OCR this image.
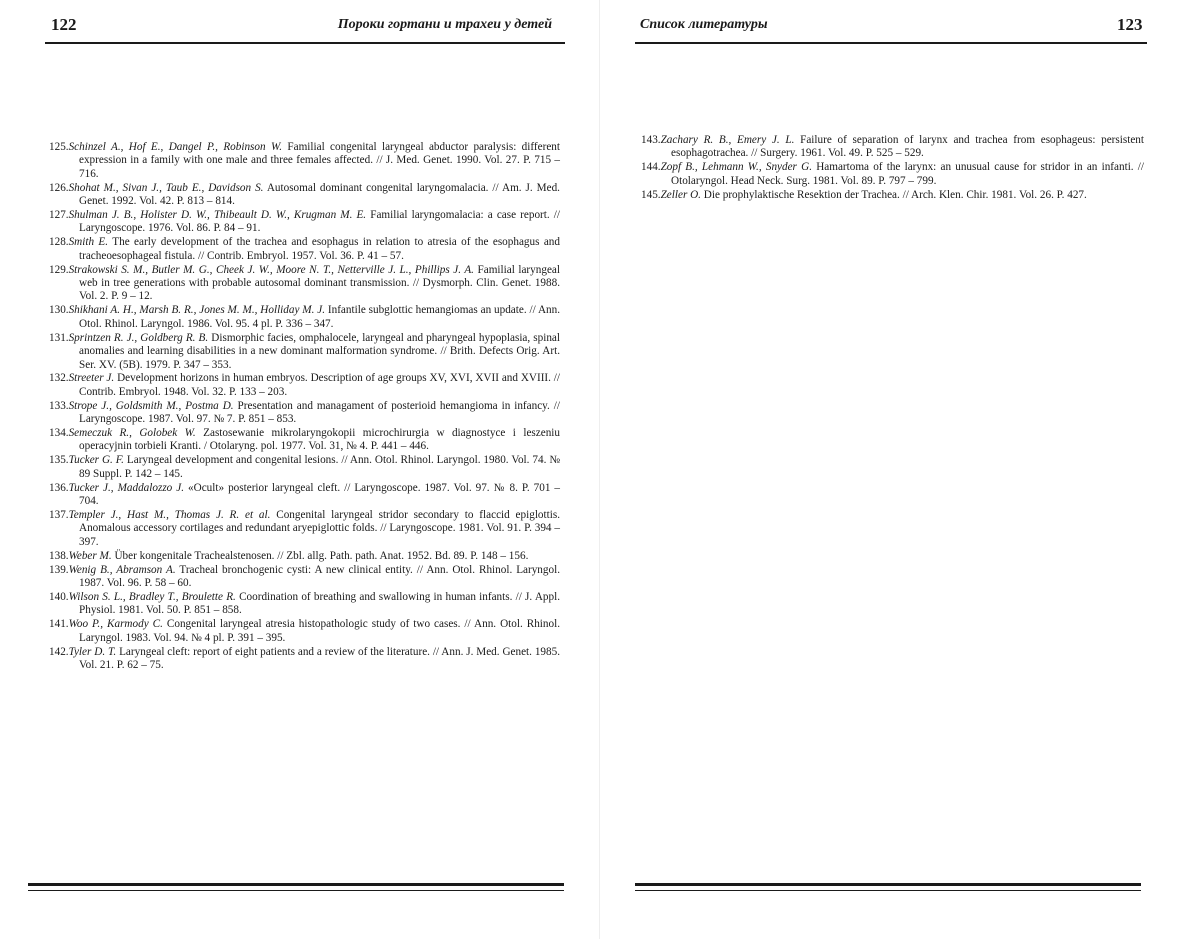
122	Пороки гортани и трахеи у детей
125.Schinzel A., Hof E., Dangel P., Robinson W. Familial congenital laryngeal abductor paralysis: different expression in a family with one male and three females affected. // J. Med. Genet. 1990. Vol. 27. P. 715 – 716.
126.Shohat M., Sivan J., Taub E., Davidson S. Autosomal dominant congenital laryngomalacia. // Am. J. Med. Genet. 1992. Vol. 42. P. 813 – 814.
127.Shulman J. B., Holister D. W., Thibeault D. W., Krugman M. E. Familial laryngomalacia: a case report. // Laryngoscope. 1976. Vol. 86. P. 84 – 91.
128.Smith E. The early development of the trachea and esophagus in relation to atresia of the esophagus and tracheoesophageal fistula. // Contrib. Embryol. 1957. Vol. 36. P. 41 – 57.
129.Strakowski S. M., Butler M. G., Cheek J. W., Moore N. T., Netterville J. L., Phillips J. A. Familial laryngeal web in tree generations with probable autosomal dominant transmission. // Dysmorph. Clin. Genet. 1988. Vol. 2. P. 9 – 12.
130.Shikhani A. H., Marsh B. R., Jones M. M., Holliday M. J. Infantile subglottic hemangiomas an update. // Ann. Otol. Rhinol. Laryngol. 1986. Vol. 95. 4 pl. P. 336 – 347.
131.Sprintzen R. J., Goldberg R. B. Dismorphic facies, omphalocele, laryngeal and pharyngeal hypoplasia, spinal anomalies and learning disabilities in a new dominant malformation syndrome. // Brith. Defects Orig. Art. Ser. XV. (5B). 1979. P. 347 – 353.
132.Streeter J. Development horizons in human embryos. Description of age groups XV, XVI, XVII and XVIII. // Contrib. Embryol. 1948. Vol. 32. P. 133 – 203.
133.Strope J., Goldsmith M., Postma D. Presentation and managament of posterioid hemangioma in infancy. // Laryngoscope. 1987. Vol. 97. № 7. P. 851 – 853.
134.Semeczuk R., Golobek W. Zastosewanie mikrolaryngokopii microchirurgia w diagnostyce i leszeniu operacyjnin torbieli Kranti. / Otolaryng. pol. 1977. Vol. 31, № 4. P. 441 – 446.
135.Tucker G. F. Laryngeal development and congenital lesions. // Ann. Otol. Rhinol. Laryngol. 1980. Vol. 74. № 89 Suppl. P. 142 – 145.
136.Tucker J., Maddalozzo J. «Ocult» posterior laryngeal cleft. // Laryngoscope. 1987. Vol. 97. № 8. P. 701 – 704.
137.Templer J., Hast M., Thomas J. R. et al. Congenital laryngeal stridor secondary to flaccid epiglottis. Anomalous accessory cortilages and redundant aryepiglottic folds. // Laryngoscope. 1981. Vol. 91. P. 394 – 397.
138.Weber M. Über kongenitale Trachealstenosen. // Zbl. allg. Path. path. Anat. 1952. Bd. 89. P. 148 – 156.
139.Wenig B., Abramson A. Tracheal bronchogenic cysti: A new clinical entity. // Ann. Otol. Rhinol. Laryngol. 1987. Vol. 96. P. 58 – 60.
140.Wilson S. L., Bradley T., Broulette R. Coordination of breathing and swallowing in human infants. // J. Appl. Physiol. 1981. Vol. 50. P. 851 – 858.
141.Woo P., Karmody C. Congenital laryngeal atresia histopathologic study of two cases. // Ann. Otol. Rhinol. Laryngol. 1983. Vol. 94. № 4 pl. P. 391 – 395.
142.Tyler D. T. Laryngeal cleft: report of eight patients and a review of the literature. // Ann. J. Med. Genet. 1985. Vol. 21. P. 62 – 75.
Список литературы	123
143.Zachary R. B., Emery J. L. Failure of separation of larynx and trachea from esophageus: persistent esophagotrachea. // Surgery. 1961. Vol. 49. P. 525 – 529.
144.Zopf B., Lehmann W., Snyder G. Hamartoma of the larynx: an unusual cause for stridor in an infanti. // Otolaryngol. Head Neck. Surg. 1981. Vol. 89. P. 797 – 799.
145.Zeller O. Die prophylaktische Resektion der Trachea. // Arch. Klen. Chir. 1981. Vol. 26. P. 427.
